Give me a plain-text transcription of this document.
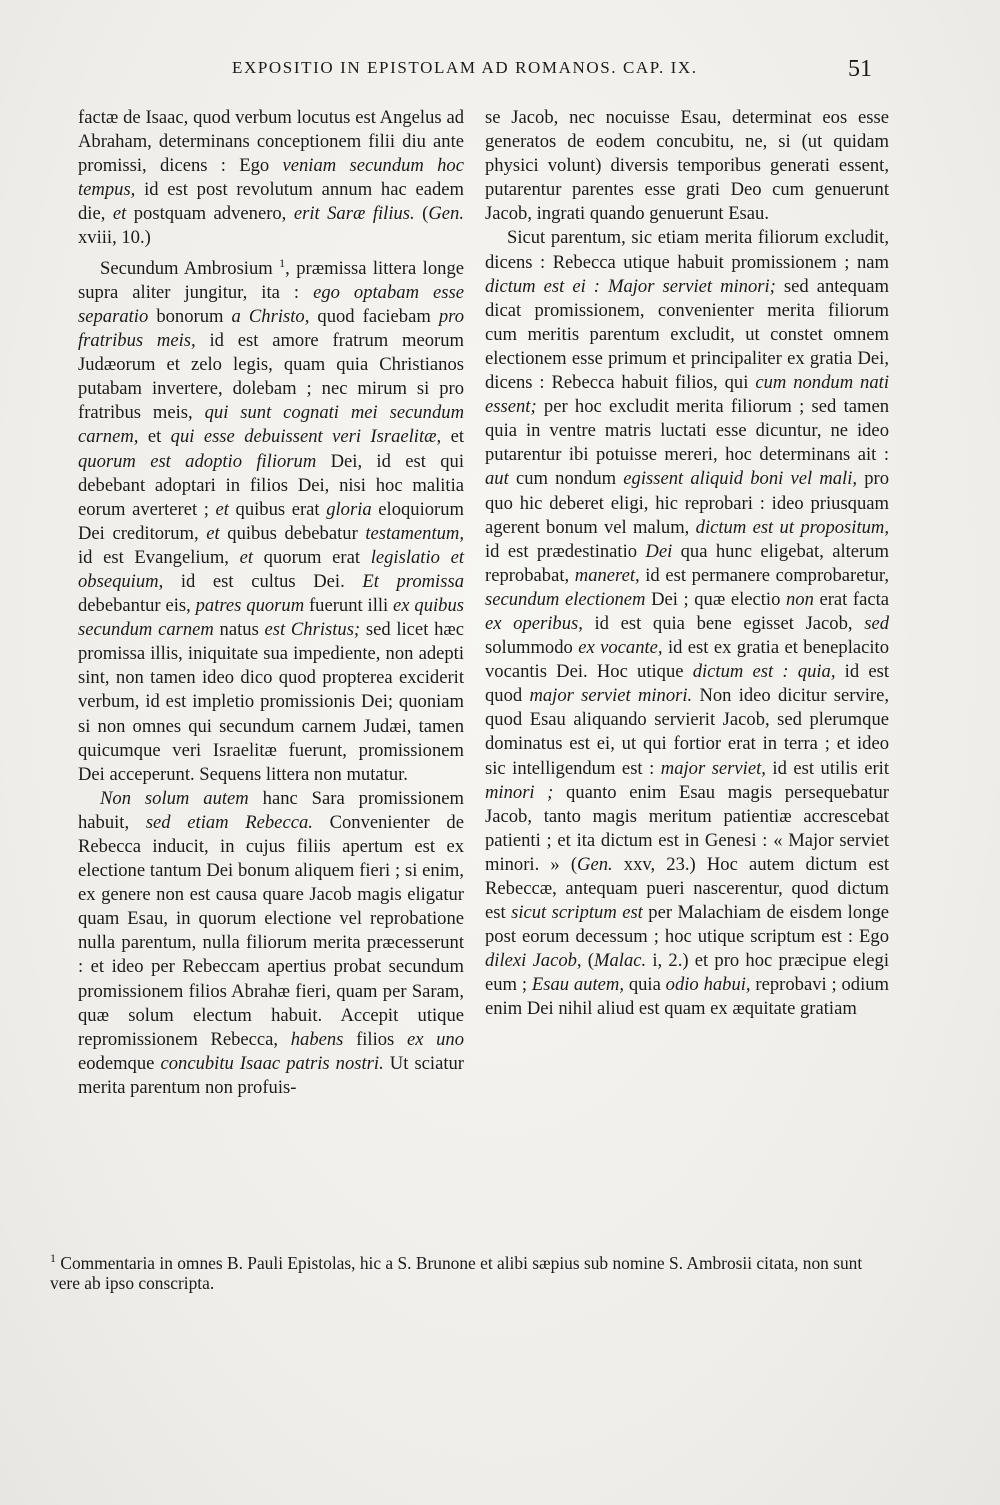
EXPOSITIO IN EPISTOLAM AD ROMANOS. CAP. IX.	51

factæ de Isaac, quod verbum locutus est Angelus ad Abraham, determinans conceptionem filii diu ante promissi, dicens : Ego veniam secundum hoc tempus, id est post revolutum annum hac eadem die, et postquam advenero, erit Saræ filius. (Gen. xviii, 10.)

Secundum Ambrosium $^1$, præmissa littera longe supra aliter jungitur, ita : ego optabam esse separatio bonorum a Christo, quod faciebam pro fratribus meis, id est amore fratrum meorum Judæorum et zelo legis, quam quia Christianos putabam invertere, dolebam ; nec mirum si pro fratribus meis, qui sunt cognati mei secundum carnem, et qui esse debuissent veri Israelitæ, et quorum est adoptio filiorum Dei, id est qui debebant adoptari in filios Dei, nisi hoc malitia eorum averteret ; et quibus erat gloria eloquiorum Dei creditorum, et quibus debebatur testamentum, id est Evangelium, et quorum erat legislatio et obsequium, id est cultus Dei. Et promissa debebantur eis, patres quorum fuerunt illi ex quibus secundum carnem natus est Christus; sed licet hæc promissa illis, iniquitate sua impediente, non adepti sint, non tamen ideo dico quod propterea exciderit verbum, id est impletio promissionis Dei; quoniam si non omnes qui secundum carnem Judæi, tamen quicumque veri Israelitæ fuerunt, promissionem Dei acceperunt. Sequens littera non mutatur.

Non solum autem hanc Sara promissionem habuit, sed etiam Rebecca. Convenienter de Rebecca inducit, in cujus filiis apertum est ex electione tantum Dei bonum aliquem fieri ; si enim, ex genere non est causa quare Jacob magis eligatur quam Esau, in quorum electione vel reprobatione nulla parentum, nulla filiorum merita præcesserunt : et ideo per Rebeccam apertius probat secundum promissionem filios Abrahæ fieri, quam per Saram, quæ solum electum habuit. Accepit utique repromissionem Rebecca, habens filios ex uno eodemque concubitu Isaac patris nostri. Ut sciatur merita parentum non profuis-

se Jacob, nec nocuisse Esau, determinat eos esse generatos de eodem concubitu, ne, si (ut quidam physici volunt) diversis temporibus generati essent, putarentur parentes esse grati Deo cum genuerunt Jacob, ingrati quando genuerunt Esau.

Sicut parentum, sic etiam merita filiorum excludit, dicens : Rebecca utique habuit promissionem ; nam dictum est ei : Major serviet minori; sed antequam dicat promissionem, convenienter merita filiorum cum meritis parentum excludit, ut constet omnem electionem esse primum et principaliter ex gratia Dei, dicens : Rebecca habuit filios, qui cum nondum nati essent; per hoc excludit merita filiorum ; sed tamen quia in ventre matris luctati esse dicuntur, ne ideo putarentur ibi potuisse mereri, hoc determinans ait : aut cum nondum egissent aliquid boni vel mali, pro quo hic deberet eligi, hic reprobari : ideo priusquam agerent bonum vel malum, dictum est ut propositum, id est prædestinatio Dei qua hunc eligebat, alterum reprobabat, maneret, id est permanere comprobaretur, secundum electionem Dei ; quæ electio non erat facta ex operibus, id est quia bene egisset Jacob, sed solummodo ex vocante, id est ex gratia et beneplacito vocantis Dei. Hoc utique dictum est : quia, id est quod major serviet minori. Non ideo dicitur servire, quod Esau aliquando servierit Jacob, sed plerumque dominatus est ei, ut qui fortior erat in terra ; et ideo sic intelligendum est : major serviet, id est utilis erit minori ; quanto enim Esau magis persequebatur Jacob, tanto magis meritum patientiæ accrescebat patienti ; et ita dictum est in Genesi : « Major serviet minori. » (Gen. xxv, 23.) Hoc autem dictum est Rebeccæ, antequam pueri nascerentur, quod dictum est sicut scriptum est per Malachiam de eisdem longe post eorum decessum ; hoc utique scriptum est : Ego dilexi Jacob, (Malac. i, 2.) et pro hoc præcipue elegi eum ; Esau autem, quia odio habui, reprobavi ; odium enim Dei nihil aliud est quam ex æquitate gratiam

$^1$ Commentaria in omnes B. Pauli Epistolas, hic a S. Brunone et alibi sæpius sub nomine S. Ambrosii citata, non sunt vere ab ipso conscripta.
